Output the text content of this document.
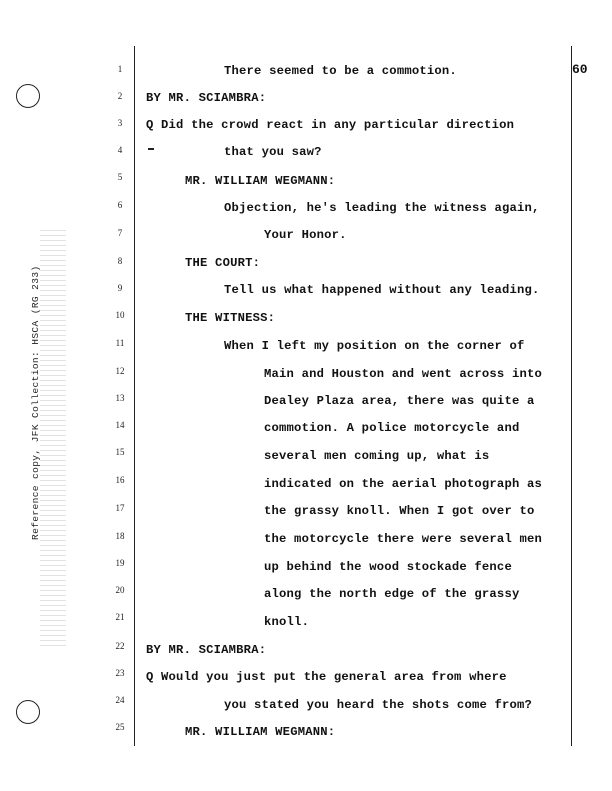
Reference copy, JFK Collection: HSCA (RG 233)
60
1
2
3
4
5
6
7
8
9
10
11
12
13
14
15
16
17
18
19
20
21
22
23
24
25
There seemed to be a commotion.
BY MR. SCIAMBRA:
Q Did the crowd react in any particular direction
that you saw?
MR. WILLIAM WEGMANN:
Objection, he's leading the witness again,
Your Honor.
THE COURT:
Tell us what happened without any leading.
THE WITNESS:
When I left my position on the corner of
Main and Houston and went across into
Dealey Plaza area, there was quite a
commotion. A police motorcycle and
several men coming up, what is
indicated on the aerial photograph as
the grassy knoll. When I got over to
the motorcycle there were several men
up behind the wood stockade fence
along the north edge of the grassy
knoll.
BY MR. SCIAMBRA:
Q Would you just put the general area from where
you stated you heard the shots come from?
MR. WILLIAM WEGMANN:
